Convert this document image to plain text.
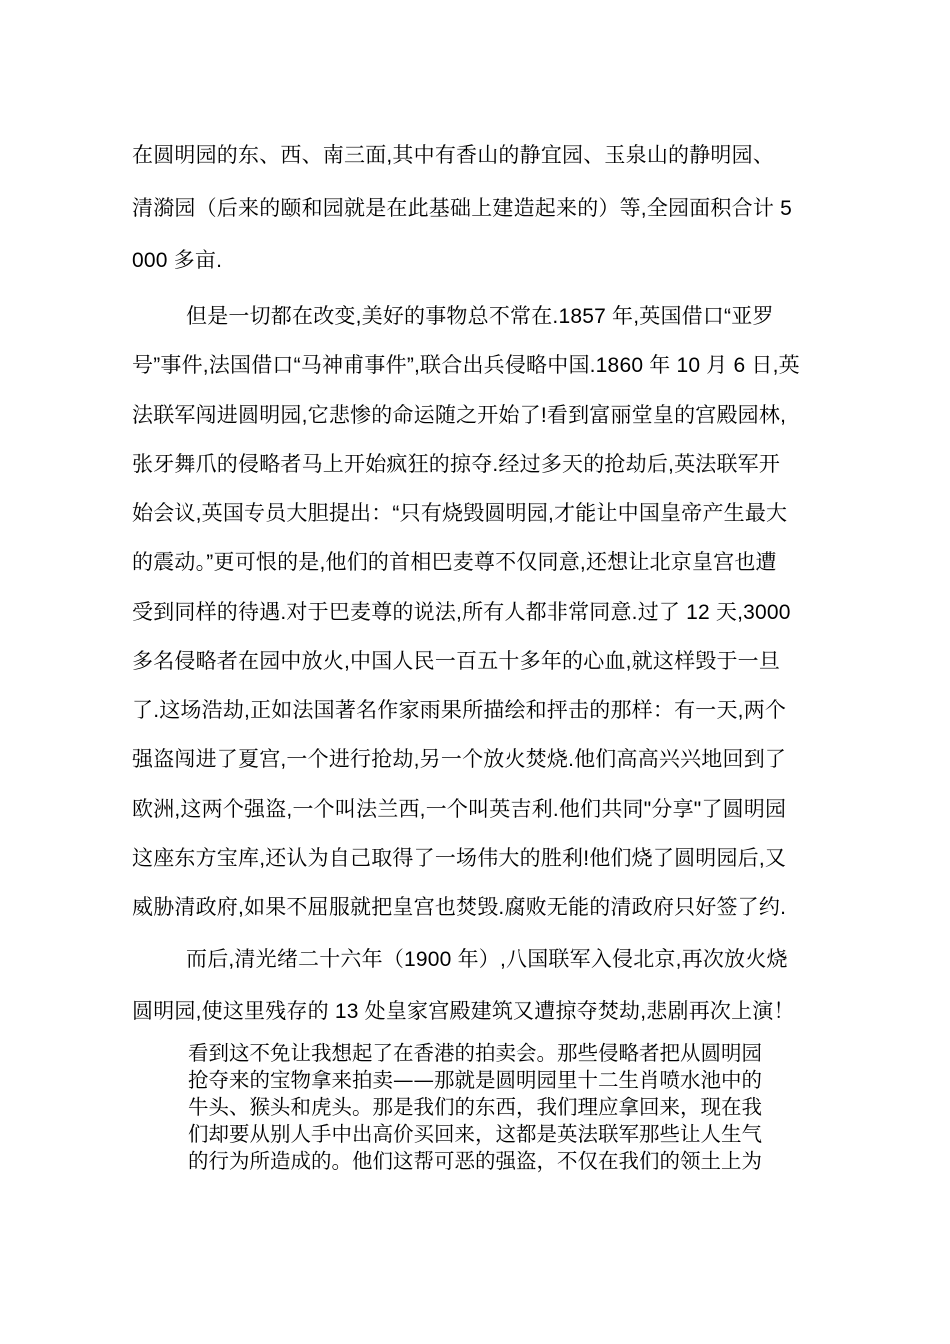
在圆明园的东、西、南三面,其中有香山的静宜园、玉泉山的静明园、
清漪园（后来的颐和园就是在此基础上建造起来的）等,全园面积合计 5
000 多亩.
但是一切都在改变,美好的事物总不常在.1857 年,英国借口“亚罗
号”事件,法国借口“马神甫事件”,联合出兵侵略中国.1860 年 10 月 6 日,英
法联军闯进圆明园,它悲惨的命运随之开始了!看到富丽堂皇的宫殿园林,
张牙舞爪的侵略者马上开始疯狂的掠夺.经过多天的抢劫后,英法联军开
始会议,英国专员大胆提出：“只有烧毁圆明园,才能让中国皇帝产生最大
的震动。”更可恨的是,他们的首相巴麦尊不仅同意,还想让北京皇宫也遭
受到同样的待遇.对于巴麦尊的说法,所有人都非常同意.过了 12 天,3000
多名侵略者在园中放火,中国人民一百五十多年的心血,就这样毁于一旦
了.这场浩劫,正如法国著名作家雨果所描绘和抨击的那样：有一天,两个
强盗闯进了夏宫,一个进行抢劫,另一个放火焚烧.他们高高兴兴地回到了
欧洲,这两个强盗,一个叫法兰西,一个叫英吉利.他们共同"分享"了圆明园
这座东方宝库,还认为自己取得了一场伟大的胜利!他们烧了圆明园后,又
威胁清政府,如果不屈服就把皇宫也焚毁.腐败无能的清政府只好签了约.
而后,清光绪二十六年（1900 年）,八国联军入侵北京,再次放火烧
圆明园,使这里残存的 13 处皇家宫殿建筑又遭掠夺焚劫,悲剧再次上演！
看到这不免让我想起了在香港的拍卖会。那些侵略者把从圆明园
抢夺来的宝物拿来拍卖——那就是圆明园里十二生肖喷水池中的
牛头、猴头和虎头。那是我们的东西，我们理应拿回来，现在我
们却要从别人手中出高价买回来，这都是英法联军那些让人生气
的行为所造成的。他们这帮可恶的强盗，不仅在我们的领土上为
